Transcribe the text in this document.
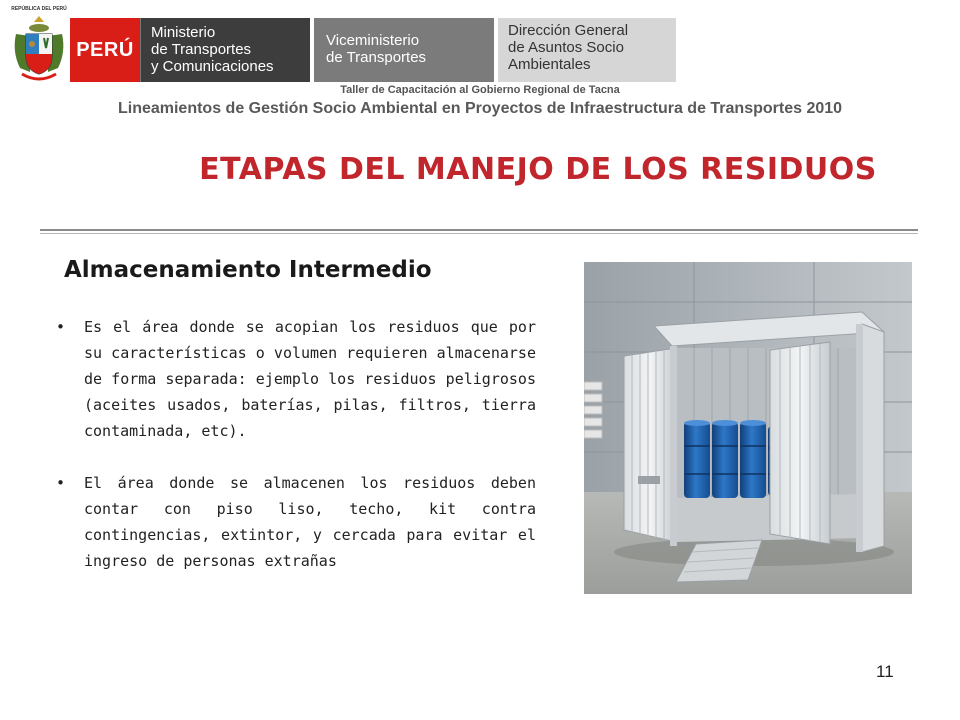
REPÚBLICA DEL PERÚ
PERÚ
Ministerio
de Transportes
y Comunicaciones
Viceministerio
de Transportes
Dirección General
de Asuntos Socio
Ambientales
Taller de Capacitación al Gobierno Regional de Tacna
Lineamientos de Gestión Socio Ambiental en Proyectos de Infraestructura de Transportes 2010
ETAPAS DEL MANEJO DE LOS RESIDUOS
Almacenamiento Intermedio
• Es el área donde se acopian los residuos que por su características o volumen requieren almacenarse de forma separada: ejemplo los residuos peligrosos (aceites usados, baterías, pilas, filtros, tierra contaminada, etc).
• El área donde se almacenen los residuos deben contar con piso liso, techo, kit contra contingencias, extintor, y cercada para evitar el ingreso de personas extrañas
11
